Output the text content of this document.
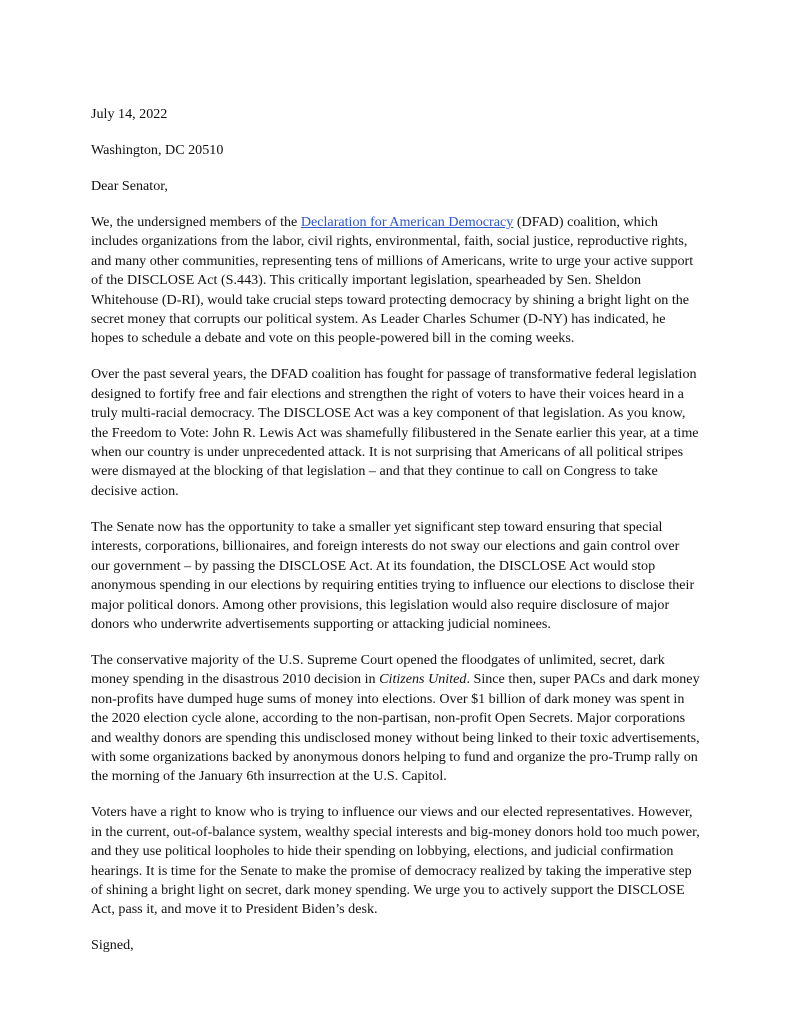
July 14, 2022

Washington, DC 20510

Dear Senator,

We, the undersigned members of the Declaration for American Democracy (DFAD) coalition, which includes organizations from the labor, civil rights, environmental, faith, social justice, reproductive rights, and many other communities, representing tens of millions of Americans, write to urge your active support of the DISCLOSE Act (S.443). This critically important legislation, spearheaded by Sen. Sheldon Whitehouse (D-RI), would take crucial steps toward protecting democracy by shining a bright light on the secret money that corrupts our political system. As Leader Charles Schumer (D-NY) has indicated, he hopes to schedule a debate and vote on this people-powered bill in the coming weeks.

Over the past several years, the DFAD coalition has fought for passage of transformative federal legislation designed to fortify free and fair elections and strengthen the right of voters to have their voices heard in a truly multi-racial democracy. The DISCLOSE Act was a key component of that legislation. As you know, the Freedom to Vote: John R. Lewis Act was shamefully filibustered in the Senate earlier this year, at a time when our country is under unprecedented attack. It is not surprising that Americans of all political stripes were dismayed at the blocking of that legislation – and that they continue to call on Congress to take decisive action.

The Senate now has the opportunity to take a smaller yet significant step toward ensuring that special interests, corporations, billionaires, and foreign interests do not sway our elections and gain control over our government – by passing the DISCLOSE Act. At its foundation, the DISCLOSE Act would stop anonymous spending in our elections by requiring entities trying to influence our elections to disclose their major political donors. Among other provisions, this legislation would also require disclosure of major donors who underwrite advertisements supporting or attacking judicial nominees.

The conservative majority of the U.S. Supreme Court opened the floodgates of unlimited, secret, dark money spending in the disastrous 2010 decision in Citizens United. Since then, super PACs and dark money non-profits have dumped huge sums of money into elections. Over $1 billion of dark money was spent in the 2020 election cycle alone, according to the non-partisan, non-profit Open Secrets. Major corporations and wealthy donors are spending this undisclosed money without being linked to their toxic advertisements, with some organizations backed by anonymous donors helping to fund and organize the pro-Trump rally on the morning of the January 6th insurrection at the U.S. Capitol.

Voters have a right to know who is trying to influence our views and our elected representatives. However, in the current, out-of-balance system, wealthy special interests and big-money donors hold too much power, and they use political loopholes to hide their spending on lobbying, elections, and judicial confirmation hearings. It is time for the Senate to make the promise of democracy realized by taking the imperative step of shining a bright light on secret, dark money spending. We urge you to actively support the DISCLOSE Act, pass it, and move it to President Biden’s desk.

Signed,
